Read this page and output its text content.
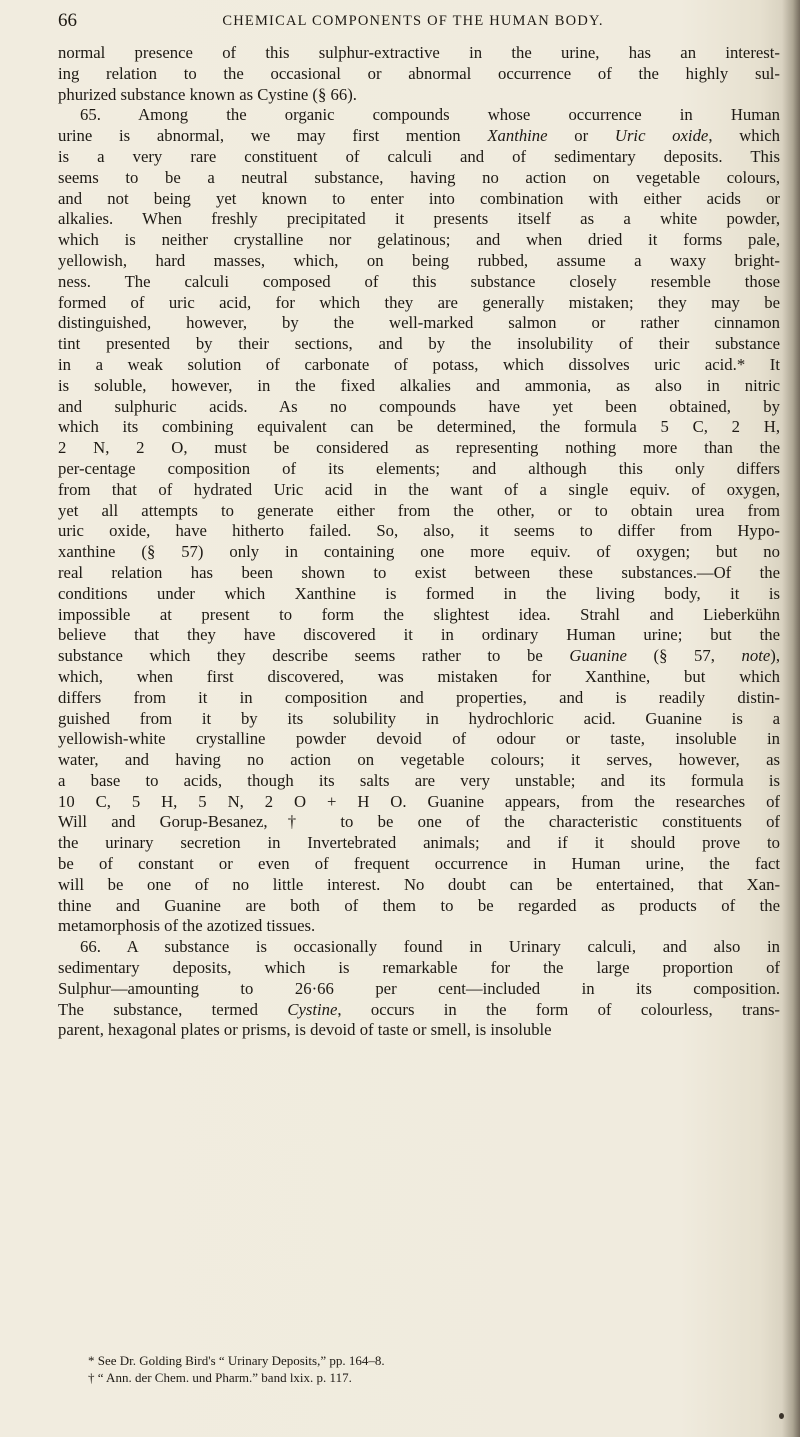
66	CHEMICAL COMPONENTS OF THE HUMAN BODY.
normal presence of this sulphur-extractive in the urine, has an interest-
ing relation to the occasional or abnormal occurrence of the highly sul-
phurized substance known as Cystine (§ 66).
65. Among the organic compounds whose occurrence in Human
urine is abnormal, we may first mention Xanthine or Uric oxide, which
is a very rare constituent of calculi and of sedimentary deposits. This
seems to be a neutral substance, having no action on vegetable colours,
and not being yet known to enter into combination with either acids or
alkalies. When freshly precipitated it presents itself as a white powder,
which is neither crystalline nor gelatinous; and when dried it forms pale,
yellowish, hard masses, which, on being rubbed, assume a waxy bright-
ness. The calculi composed of this substance closely resemble those
formed of uric acid, for which they are generally mistaken; they may be
distinguished, however, by the well-marked salmon or rather cinnamon
tint presented by their sections, and by the insolubility of their substance
in a weak solution of carbonate of potass, which dissolves uric acid.* It
is soluble, however, in the fixed alkalies and ammonia, as also in nitric
and sulphuric acids. As no compounds have yet been obtained, by
which its combining equivalent can be determined, the formula 5 C, 2 H,
2 N, 2 O, must be considered as representing nothing more than the
per-centage composition of its elements; and although this only differs
from that of hydrated Uric acid in the want of a single equiv. of oxygen,
yet all attempts to generate either from the other, or to obtain urea from
uric oxide, have hitherto failed. So, also, it seems to differ from Hypo-
xanthine (§ 57) only in containing one more equiv. of oxygen; but no
real relation has been shown to exist between these substances.—Of the
conditions under which Xanthine is formed in the living body, it is
impossible at present to form the slightest idea. Strahl and Lieberkühn
believe that they have discovered it in ordinary Human urine; but the
substance which they describe seems rather to be Guanine (§ 57, note),
which, when first discovered, was mistaken for Xanthine, but which
differs from it in composition and properties, and is readily distin-
guished from it by its solubility in hydrochloric acid. Guanine is a
yellowish-white crystalline powder devoid of odour or taste, insoluble in
water, and having no action on vegetable colours; it serves, however, as
a base to acids, though its salts are very unstable; and its formula is
10 C, 5 H, 5 N, 2 O + H O. Guanine appears, from the researches of
Will and Gorup-Besanez,† to be one of the characteristic constituents of
the urinary secretion in Invertebrated animals; and if it should prove to
be of constant or even of frequent occurrence in Human urine, the fact
will be one of no little interest. No doubt can be entertained, that Xan-
thine and Guanine are both of them to be regarded as products of the
metamorphosis of the azotized tissues.
66. A substance is occasionally found in Urinary calculi, and also in
sedimentary deposits, which is remarkable for the large proportion of
Sulphur—amounting to 26·66 per cent—included in its composition.
The substance, termed Cystine, occurs in the form of colourless, trans-
parent, hexagonal plates or prisms, is devoid of taste or smell, is insoluble

* See Dr. Golding Bird's “ Urinary Deposits,” pp. 164–8.

† “ Ann. der Chem. und Pharm.” band lxix. p. 117.
